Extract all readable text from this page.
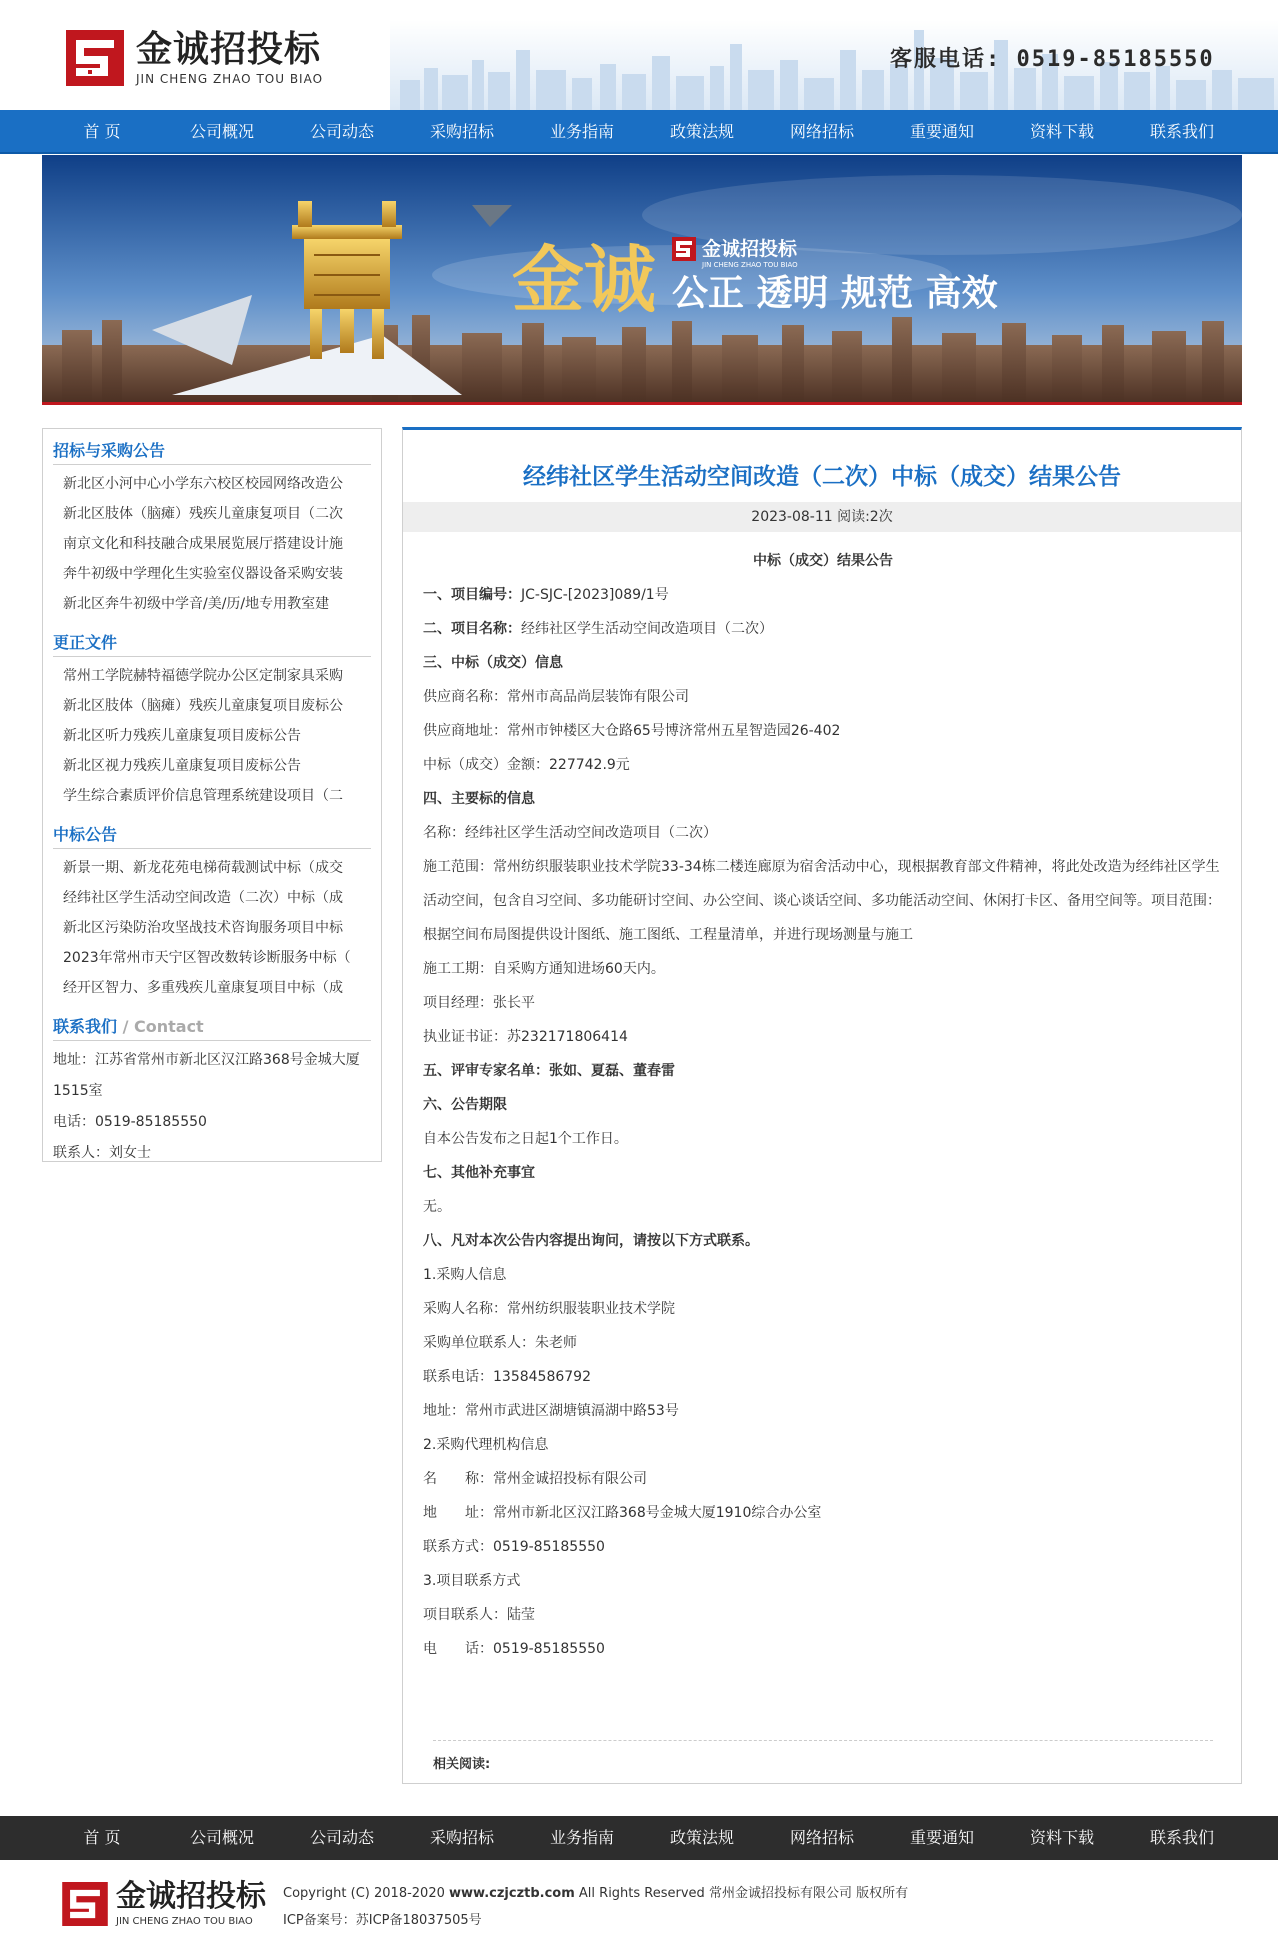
金诚招投标
JIN CHENG ZHAO TOU BIAO
客服电话: 0519-85185550
首 页	公司概况	公司动态	采购招标	业务指南	政策法规	网络招标	重要通知	资料下载	联系我们
金诚 金诚招投标
JIN CHENG ZHAO TOU BIAO
公正 透明 规范 高效
招标与采购公告
新北区小河中心小学东六校区校园网络改造公
新北区肢体（脑瘫）残疾儿童康复项目（二次
南京文化和科技融合成果展览展厅搭建设计施
奔牛初级中学理化生实验室仪器设备采购安装
新北区奔牛初级中学音/美/历/地专用教室建
更正文件
常州工学院赫特福德学院办公区定制家具采购
新北区肢体（脑瘫）残疾儿童康复项目废标公
新北区听力残疾儿童康复项目废标公告
新北区视力残疾儿童康复项目废标公告
学生综合素质评价信息管理系统建设项目（二
中标公告
新景一期、新龙花苑电梯荷载测试中标（成交
经纬社区学生活动空间改造（二次）中标（成
新北区污染防治攻坚战技术咨询服务项目中标
2023年常州市天宁区智改数转诊断服务中标（
经开区智力、多重残疾儿童康复项目中标（成
联系我们 / Contact

地址：江苏省常州市新北区汉江路368号金城大厦1515室

电话：0519-85185550

联系人：刘女士

经纬社区学生活动空间改造（二次）中标（成交）结果公告
2023-08-11 阅读:2次
中标（成交）结果公告

一、项目编号：JC-SJC-[2023]089/1号

二、项目名称：经纬社区学生活动空间改造项目（二次）

三、中标（成交）信息

供应商名称：常州市高品尚层装饰有限公司

供应商地址：常州市钟楼区大仓路65号博济常州五星智造园26-402

中标（成交）金额：227742.9元

四、主要标的信息

名称：经纬社区学生活动空间改造项目（二次）

施工范围：常州纺织服装职业技术学院33-34栋二楼连廊原为宿舍活动中心，现根据教育部文件精神，将此处改造为经纬社区学生活动空间，包含自习空间、多功能研讨空间、办公空间、谈心谈话空间、多功能活动空间、休闲打卡区、备用空间等。项目范围：根据空间布局图提供设计图纸、施工图纸、工程量清单，并进行现场测量与施工

施工工期：自采购方通知进场60天内。

项目经理：张长平

执业证书证：苏232171806414

五、评审专家名单：张如、夏磊、董春雷

六、公告期限

自本公告发布之日起1个工作日。

七、其他补充事宜

无。

八、凡对本次公告内容提出询问，请按以下方式联系。

1.采购人信息

采购人名称：常州纺织服装职业技术学院

采购单位联系人：朱老师

联系电话：13584586792

地址：常州市武进区湖塘镇滆湖中路53号

2.采购代理机构信息

名　　称：常州金诚招投标有限公司

地　　址：常州市新北区汉江路368号金城大厦1910综合办公室

联系方式：0519-85185550

3.项目联系方式

项目联系人：陆莹

电　　话：0519-85185550

相关阅读:
首 页	公司概况	公司动态	采购招标	业务指南	政策法规	网络招标	重要通知	资料下载	联系我们
金诚招投标
JIN CHENG ZHAO TOU BIAO

Copyright (C) 2018-2020 www.czjcztb.com All Rights Reserved 常州金诚招投标有限公司 版权所有

ICP备案号：苏ICP备18037505号
